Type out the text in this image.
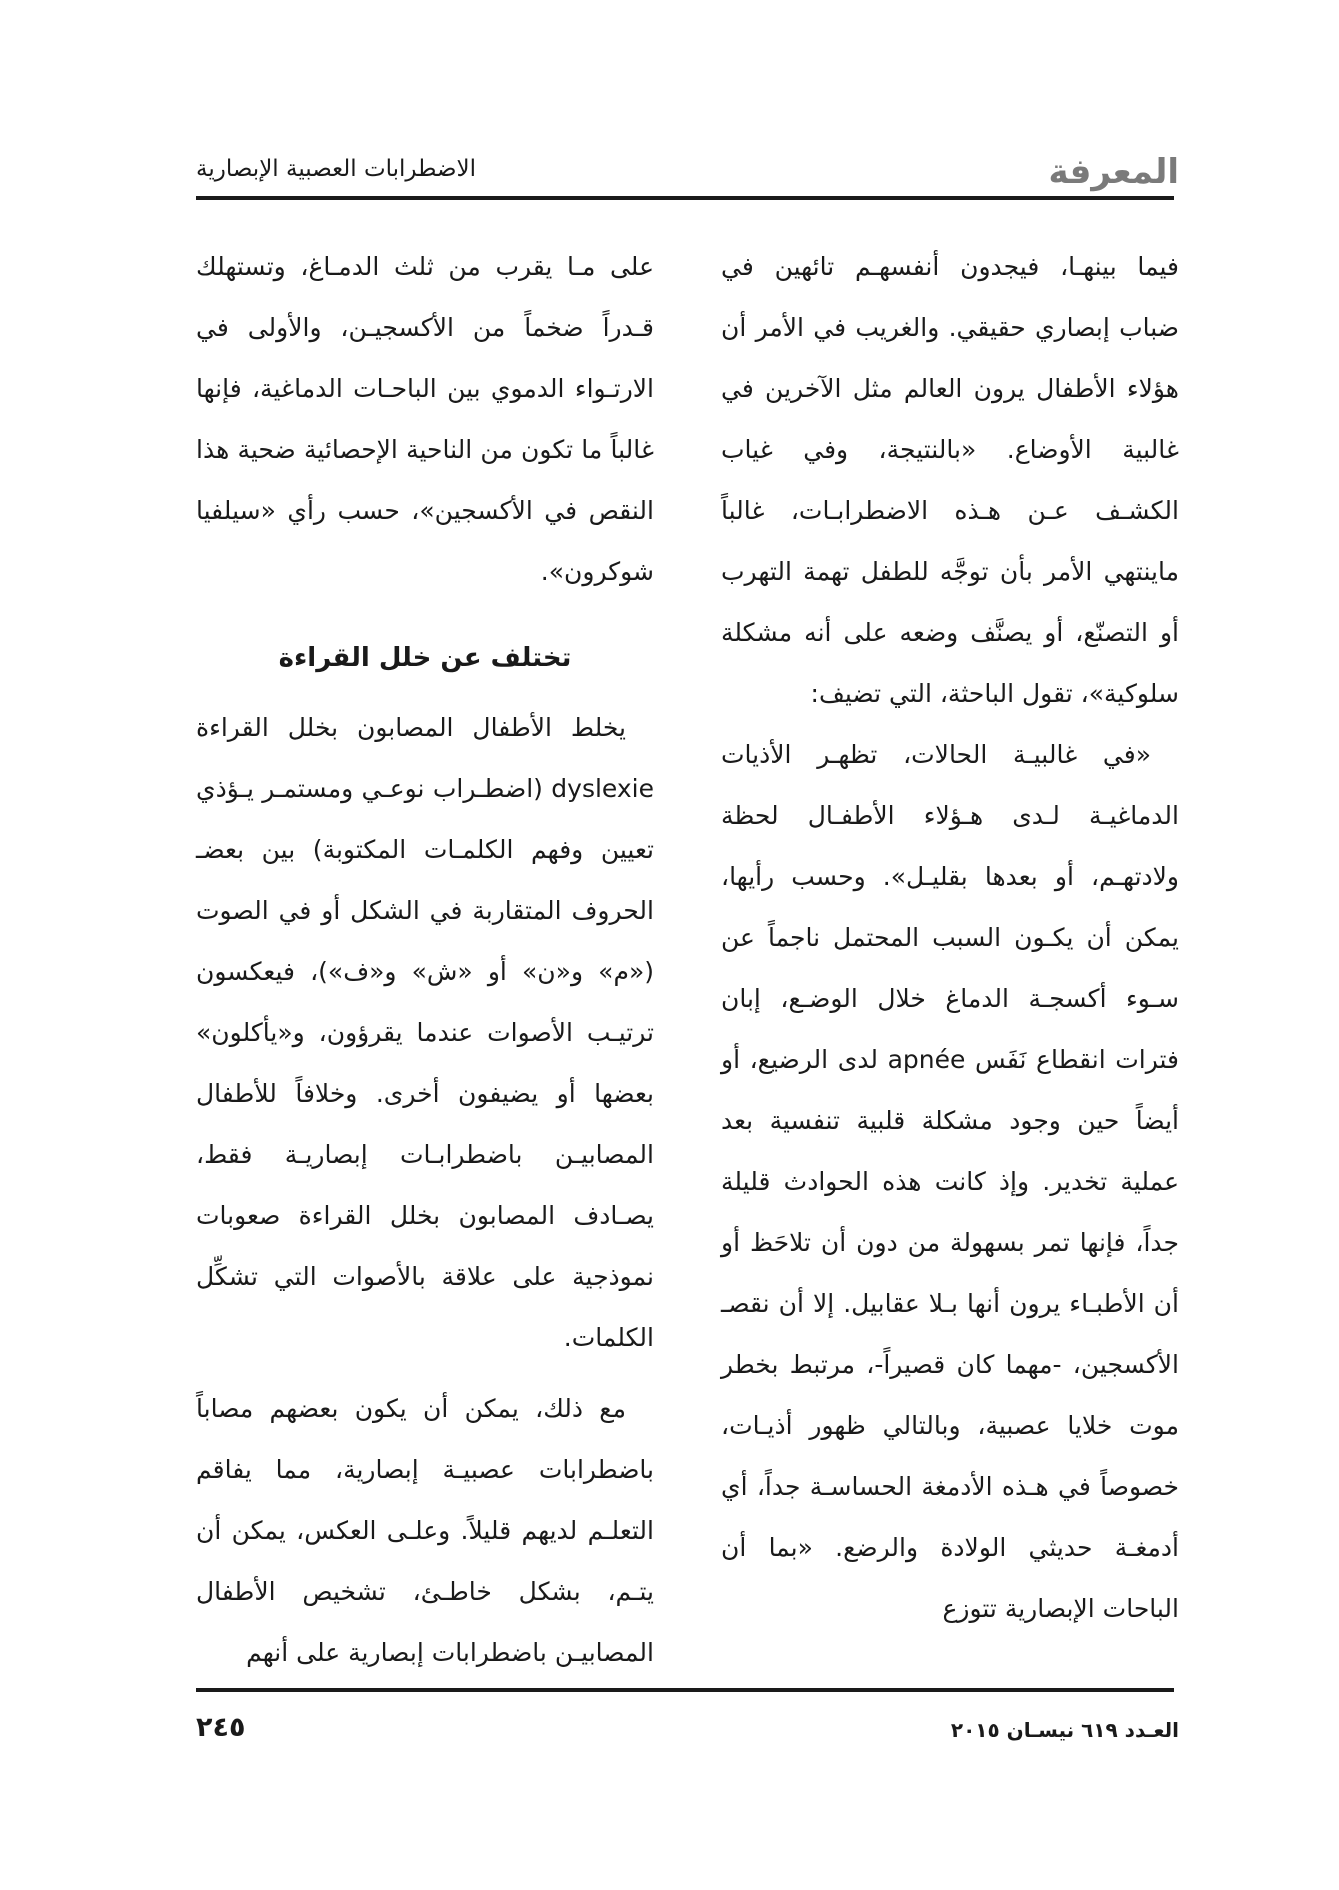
المعرفة
الاضطرابات العصبية الإبصارية

فيما بينهـا، فيجدون أنفسهـم تائهين في ضباب إبصاري حقيقي. والغريب في الأمر أن هؤلاء الأطفال يرون العالم مثل الآخرين في غالبية الأوضاع. «بالنتيجة، وفي غياب الكشـف عـن هـذه الاضطرابـات، غالباً ماينتهي الأمر بأن توجَّه للطفل تهمة التهرب أو التصنّع، أو يصنَّف وضعه على أنه مشكلة سلوكية»، تقول الباحثة، التي تضيف:

«في غالبيـة الحالات، تظهـر الأذيات الدماغيـة لـدى هـؤلاء الأطفـال لحظة ولادتهـم، أو بعدها بقليـل». وحسب رأيها، يمكن أن يكـون السبب المحتمل ناجماً عن سـوء أكسجـة الدماغ خلال الوضـع، إبان فترات انقطاع نَفَس apnée لدى الرضيع، أو أيضاً حين وجود مشكلة قلبية تنفسية بعد عملية تخدير. وإذ كانت هذه الحوادث قليلة جداً، فإنها تمر بسهولة من دون أن تلاحَظ أو أن الأطبـاء يرون أنها بـلا عقابيل. إلا أن نقصـ الأكسجين، -مهما كان قصيراً-، مرتبط بخطر موت خلايا عصبية، وبالتالي ظهور أذيـات، خصوصاً في هـذه الأدمغة الحساسـة جداً، أي أدمغـة حديثي الولادة والرضع. «بما أن الباحات الإبصارية تتوزع

على مـا يقرب من ثلث الدمـاغ، وتستهلك قـدراً ضخماً من الأكسجيـن، والأولى في الارتـواء الدموي بين الباحـات الدماغية، فإنها غالباً ما تكون من الناحية الإحصائية ضحية هذا النقص في الأكسجين»، حسب رأي «سيلفيا شوكرون».

تختلف عن خلل القراءة

يخلط الأطفال المصابون بخلل القراءة dyslexie (اضطـراب نوعـي ومستمـر يـؤذي تعيين وفهم الكلمـات المكتوبة) بين بعضـ الحروف المتقاربة في الشكل أو في الصوت («م» و«ن» أو «ش» و«ف»)، فيعكسون ترتيـب الأصوات عندما يقرؤون، و«يأكلون» بعضها أو يضيفون أخرى. وخلافاً للأطفال المصابيـن باضطرابـات إبصاريـة فقط، يصـادف المصابون بخلل القراءة صعوبات نموذجية على علاقة بالأصوات التي تشكِّل الكلمات.

مع ذلك، يمكن أن يكون بعضهم مصاباً باضطرابات عصبيـة إبصارية، مما يفاقم التعلـم لديهم قليلاً. وعلـى العكس، يمكن أن يتـم، بشكل خاطـئ، تشخيص الأطفال المصابيـن باضطرابات إبصارية على أنهم

العـدد ٦١٩ نيسـان ٢٠١٥
٢٤٥
